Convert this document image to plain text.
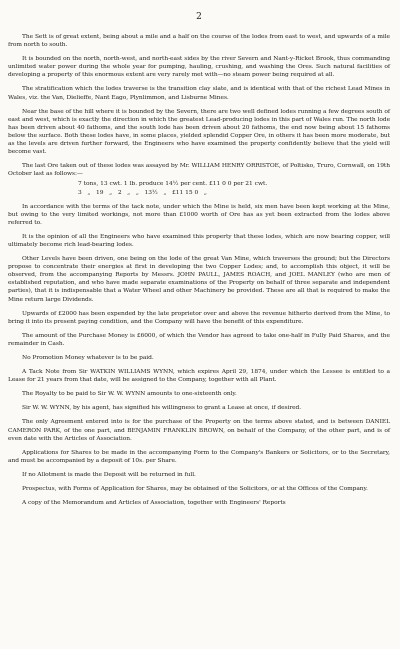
2

The Sett is of great extent, being about a mile and a half on the course of the lodes from east to west, and upwards of a mile from north to south.

It is bounded on the north, north-west, and north-east sides by the river Severn and Nant-y-Ricket Brook, thus commanding unlimited water power during the whole year for pumping, hauling, crushing, and washing the Ores. Such natural facilities of developing a property of this enormous extent are very rarely met with—no steam power being required at all.

The stratification which the lodes traverse is the transition clay slate, and is identical with that of the richest Lead Mines in Wales, viz. the Van, Dielieffe, Nant Eago, Plynlimmon, and Lisburne Mines.

Near the base of the hill where it is bounded by the Severn, there are two well defined lodes running a few degrees south of east and west, which is exactly the direction in which the greatest Lead-producing lodes in this part of Wales run. The north lode has been driven about 40 fathoms, and the south lode has been driven about 20 fathoms, the end now being about 15 fathoms below the surface. Both these lodes have, in some places, yielded splendid Copper Ore, in others it has been more moderate, but as the levels are driven further forward, the Engineers who have examined the property confidently believe that the yield will become vast.

The last Ore taken out of these lodes was assayed by Mr. WILLIAM HENRY ORRISTOE, of Poltisko, Truro, Cornwall, on 19th October last as follows:—

7 tons, 13 cwt. 1 lb. produce 14½ per cent. £11 0 0 per 21 cwt.
3   „   19   „   2   „   „   13½   „   £11 15 0   „

In accordance with the terms of the tack note, under which the Mine is held, six men have been kept working at the Mine, but owing to the very limited workings, not more than £1000 worth of Ore has as yet been extracted from the lodes above referred to.

It is the opinion of all the Engineers who have examined this property that these lodes, which are now bearing copper, will ultimately become rich lead-bearing lodes.

Other Levels have been driven, one being on the lode of the great Van Mine, which traverses the ground; but the Directors propose to concentrate their energies at first in developing the two Copper Lodes; and, to accomplish this object, it will be observed, from the accompanying Reports by Messrs. JOHN PAULL, JAMES ROACH, and JOEL MANLEY (who are men of established reputation, and who have made separate examinations of the Property on behalf of three separate and independent parties), that it is indispensable that a Water Wheel and other Machinery be provided. These are all that is required to make the Mine return large Dividends.

Upwards of £2000 has been expended by the late proprietor over and above the revenue hitherto derived from the Mine, to bring it into its present paying condition, and the Company will have the benefit of this expenditure.

The amount of the Purchase Money is £6000, of which the Vendor has agreed to take one-half in Fully Paid Shares, and the remainder in Cash.

No Promotion Money whatever is to be paid.

A Tack Note from Sir WATKIN WILLIAMS WYNN, which expires April 29, 1874, under which the Lessee is entitled to a Lease for 21 years from that date, will be assigned to the Company, together with all Plant.

The Royalty to be paid to Sir W. W. WYNN amounts to one-sixteenth only.

Sir W. W. WYNN, by his agent, has signified his willingness to grant a Lease at once, if desired.

The only Agreement entered into is for the purchase of the Property on the terms above stated, and is between DANIEL CAMERON PARK, of the one part, and BENJAMIN FRANKLIN BROWN, on behalf of the Company, of the other part, and is of even date with the Articles of Association.

Applications for Shares to be made in the accompanying Form to the Company's Bankers or Solicitors, or to the Secretary, and must be accompanied by a deposit of 10s. per Share.

If no Allotment is made the Deposit will be returned in full.

Prospectus, with Forms of Application for Shares, may be obtained of the Solicitors, or at the Offices of the Company.

A copy of the Memorandum and Articles of Association, together with Engineers' Reports
